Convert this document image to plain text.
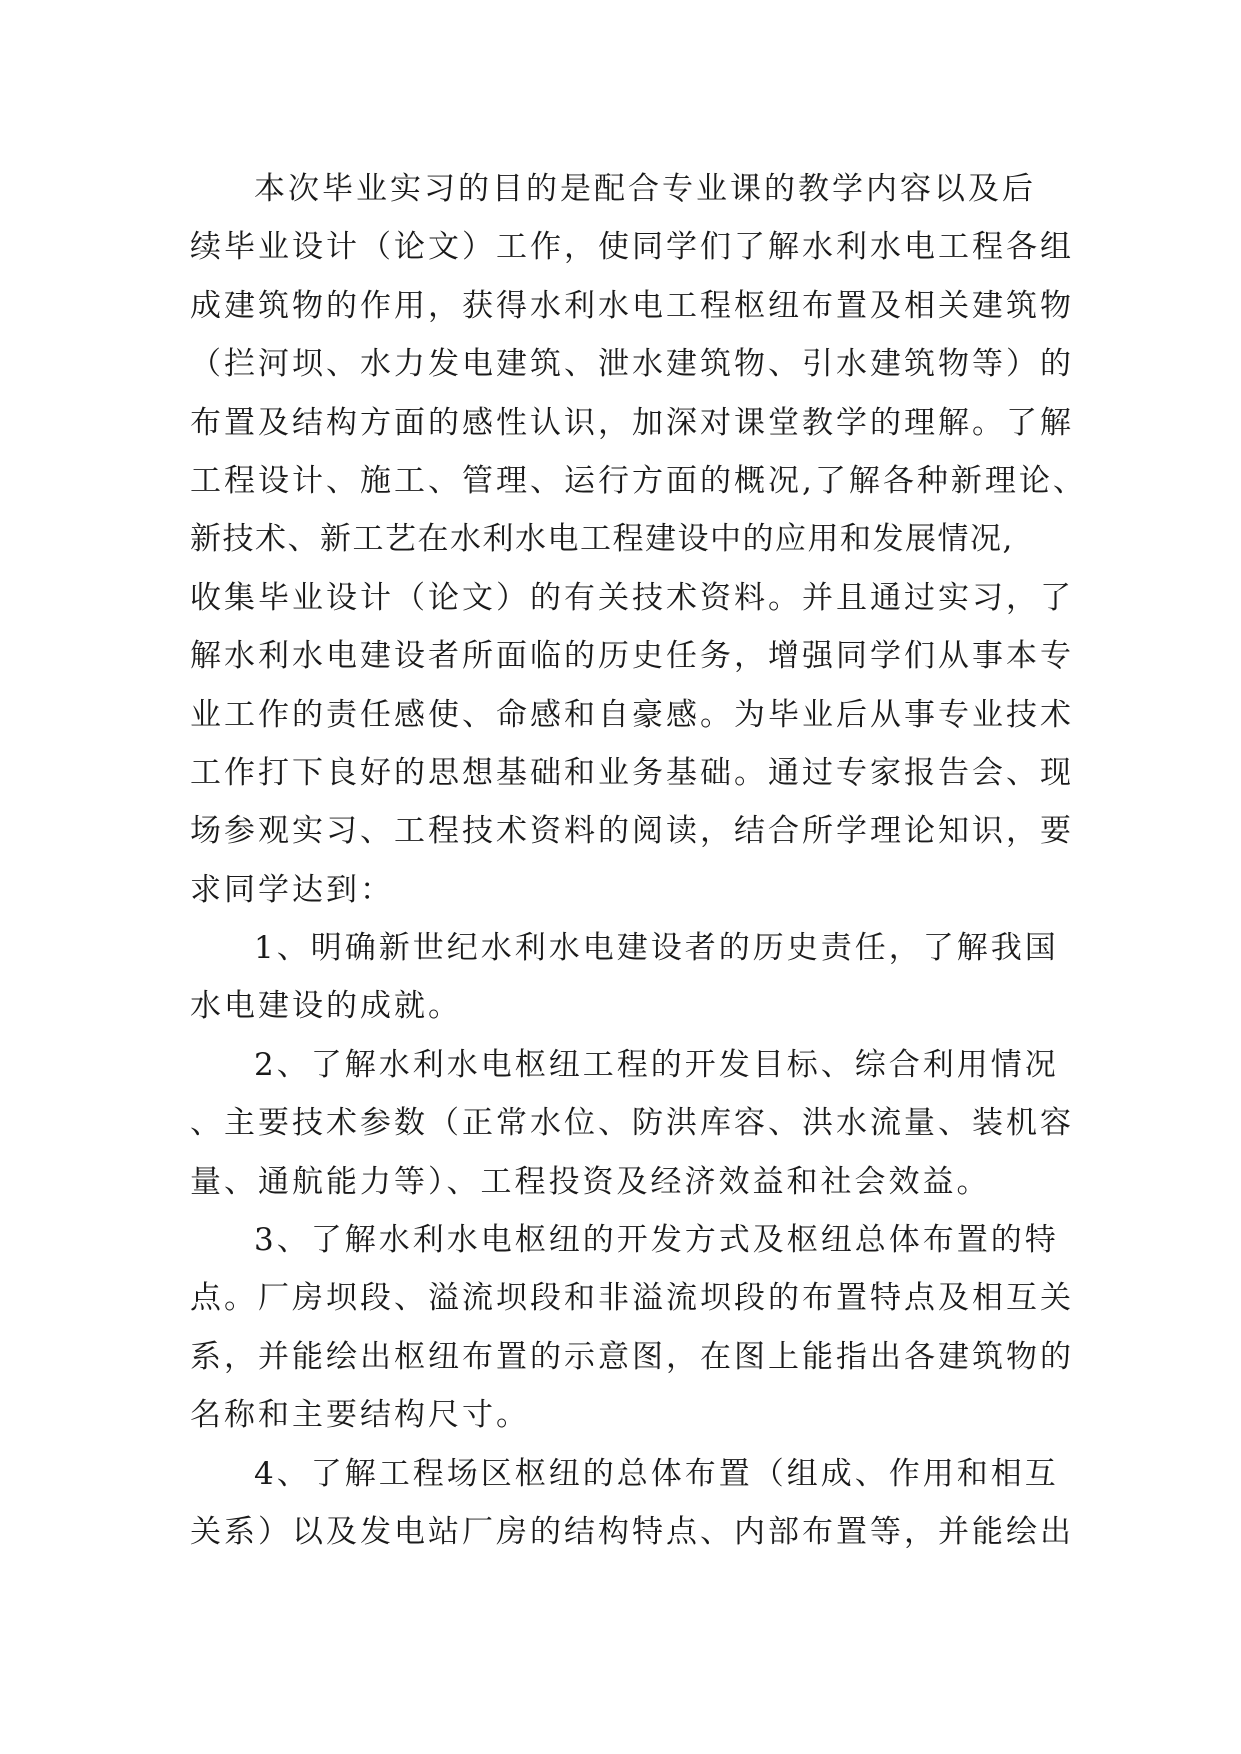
本次毕业实习的目的是配合专业课的教学内容以及后
续毕业设计（论文）工作，使同学们了解水利水电工程各组
成建筑物的作用，获得水利水电工程枢纽布置及相关建筑物
（拦河坝、水力发电建筑、泄水建筑物、引水建筑物等）的
布置及结构方面的感性认识，加深对课堂教学的理解。了解
工程设计、施工、管理、运行方面的概况,了解各种新理论、
新技术、新工艺在水利水电工程建设中的应用和发展情况,
收集毕业设计（论文）的有关技术资料。并且通过实习，了
解水利水电建设者所面临的历史任务，增强同学们从事本专
业工作的责任感使、命感和自豪感。为毕业后从事专业技术
工作打下良好的思想基础和业务基础。通过专家报告会、现
场参观实习、工程技术资料的阅读，结合所学理论知识，要
求同学达到：
1、明确新世纪水利水电建设者的历史责任，了解我国
水电建设的成就。
2、了解水利水电枢纽工程的开发目标、综合利用情况
、主要技术参数（正常水位、防洪库容、洪水流量、装机容
量、通航能力等）、工程投资及经济效益和社会效益。
3、了解水利水电枢纽的开发方式及枢纽总体布置的特
点。厂房坝段、溢流坝段和非溢流坝段的布置特点及相互关
系，并能绘出枢纽布置的示意图，在图上能指出各建筑物的
名称和主要结构尺寸。
4、了解工程场区枢纽的总体布置（组成、作用和相互
关系）以及发电站厂房的结构特点、内部布置等，并能绘出
